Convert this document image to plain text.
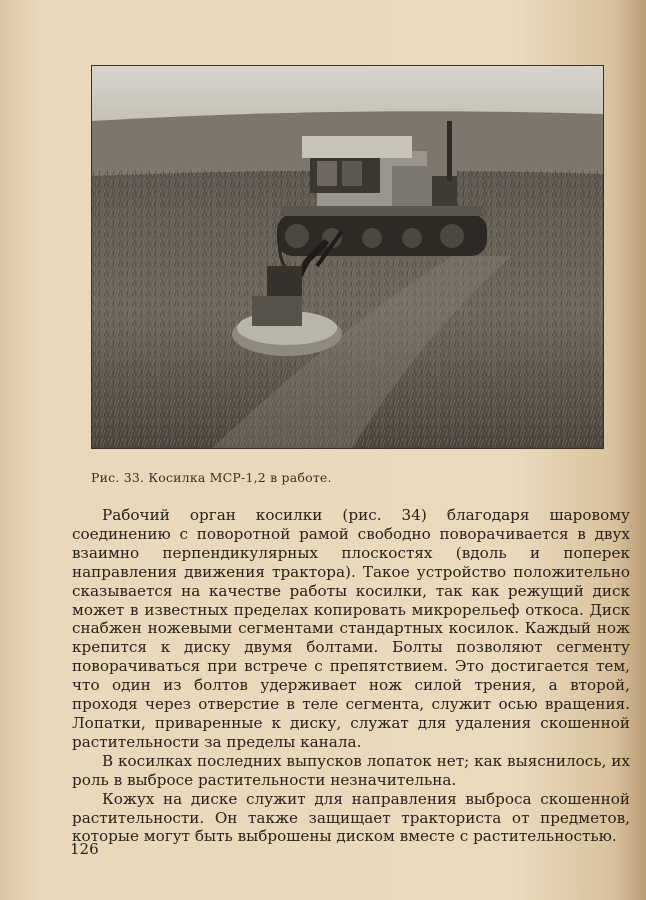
Рис. 33. Косилка МСР-1,2 в работе.

Рабочий орган косилки (рис. 34) благодаря шаровому соединению с поворотной рамой свободно поворачивается в двух взаимно перпендикулярных плоскостях (вдоль и поперек направления движения трактора). Такое устройство положительно сказывается на качестве работы косилки, так как режущий диск может в известных пределах копировать микрорельеф откоса. Диск снабжен ножевыми сегментами стандартных косилок. Каждый нож крепится к диску двумя болтами. Болты позволяют сегменту поворачиваться при встрече с препятствием. Это достигается тем, что один из болтов удерживает нож силой трения, а второй, проходя через отверстие в теле сегмента, служит осью вращения. Лопатки, приваренные к диску, служат для удаления скошенной растительности за пределы канала.

В косилках последних выпусков лопаток нет; как выяснилось, их роль в выбросе растительности незначительна.

Кожух на диске служит для направления выброса скошенной растительности. Он также защищает тракториста от предметов, которые могут быть выброшены диском вместе с растительностью.

126
